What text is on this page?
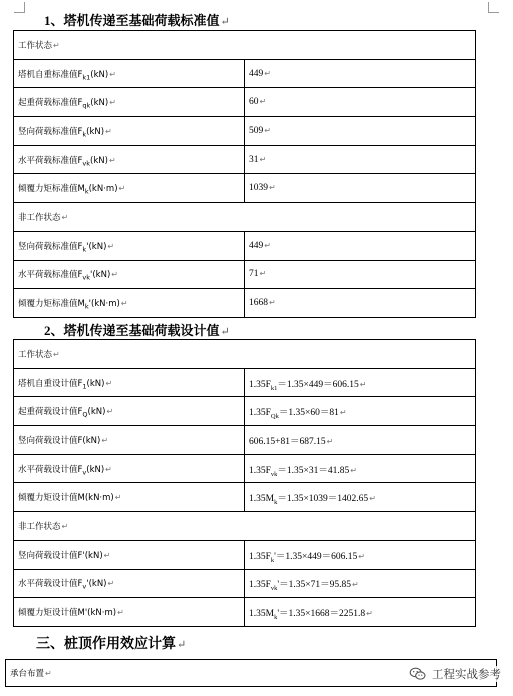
1、塔机传递至基础荷载标准值↵
工作状态↵	
塔机自重标准值$F_{k1}(kN)↵$	449↵
起重荷载标准值$F_{qk}(kN)↵$	60↵
竖向荷载标准值$F_k(kN)↵$	509↵
水平荷载标准值$F_{vk}(kN)↵$	31↵
倾覆力矩标准值$M_k(kN\cdot m)↵$	1039↵
非工作状态↵	
竖向荷载标准值$F_k'(kN)↵$	449↵
水平荷载标准值$F_{vk}'(kN)↵$	71↵
倾覆力矩标准值$M_k'(kN\cdot m)↵$	1668↵
2、塔机传递至基础荷载设计值↵
工作状态↵	
塔机自重设计值$F_1(kN)↵$	$1.35F_{k1}=1.35\times 449=606.15↵$
起重荷载设计值$F_Q(kN)↵$	$1.35F_{Qk}=1.35\times 60=81↵$
竖向荷载设计值F(kN)↵	606.15+81＝687.15↵
水平荷载设计值$F_v(kN)↵$	$1.35F_{vk}=1.35\times 31=41.85↵$
倾覆力矩设计值M(kN·m)↵	$1.35M_k=1.35\times 1039=1402.65↵$
非工作状态↵	
竖向荷载设计值F'(kN)↵	$1.35F_k'=1.35\times 449=606.15↵$
水平荷载设计值$F_v'(kN)↵$	$1.35F_{vk}'=1.35\times 71=95.85↵$
倾覆力矩设计值M'(kN·m)↵	$1.35M_k'=1.35\times 1668=2251.8↵$
三、桩顶作用效应计算↵
承台布置↵	工程实战参考
